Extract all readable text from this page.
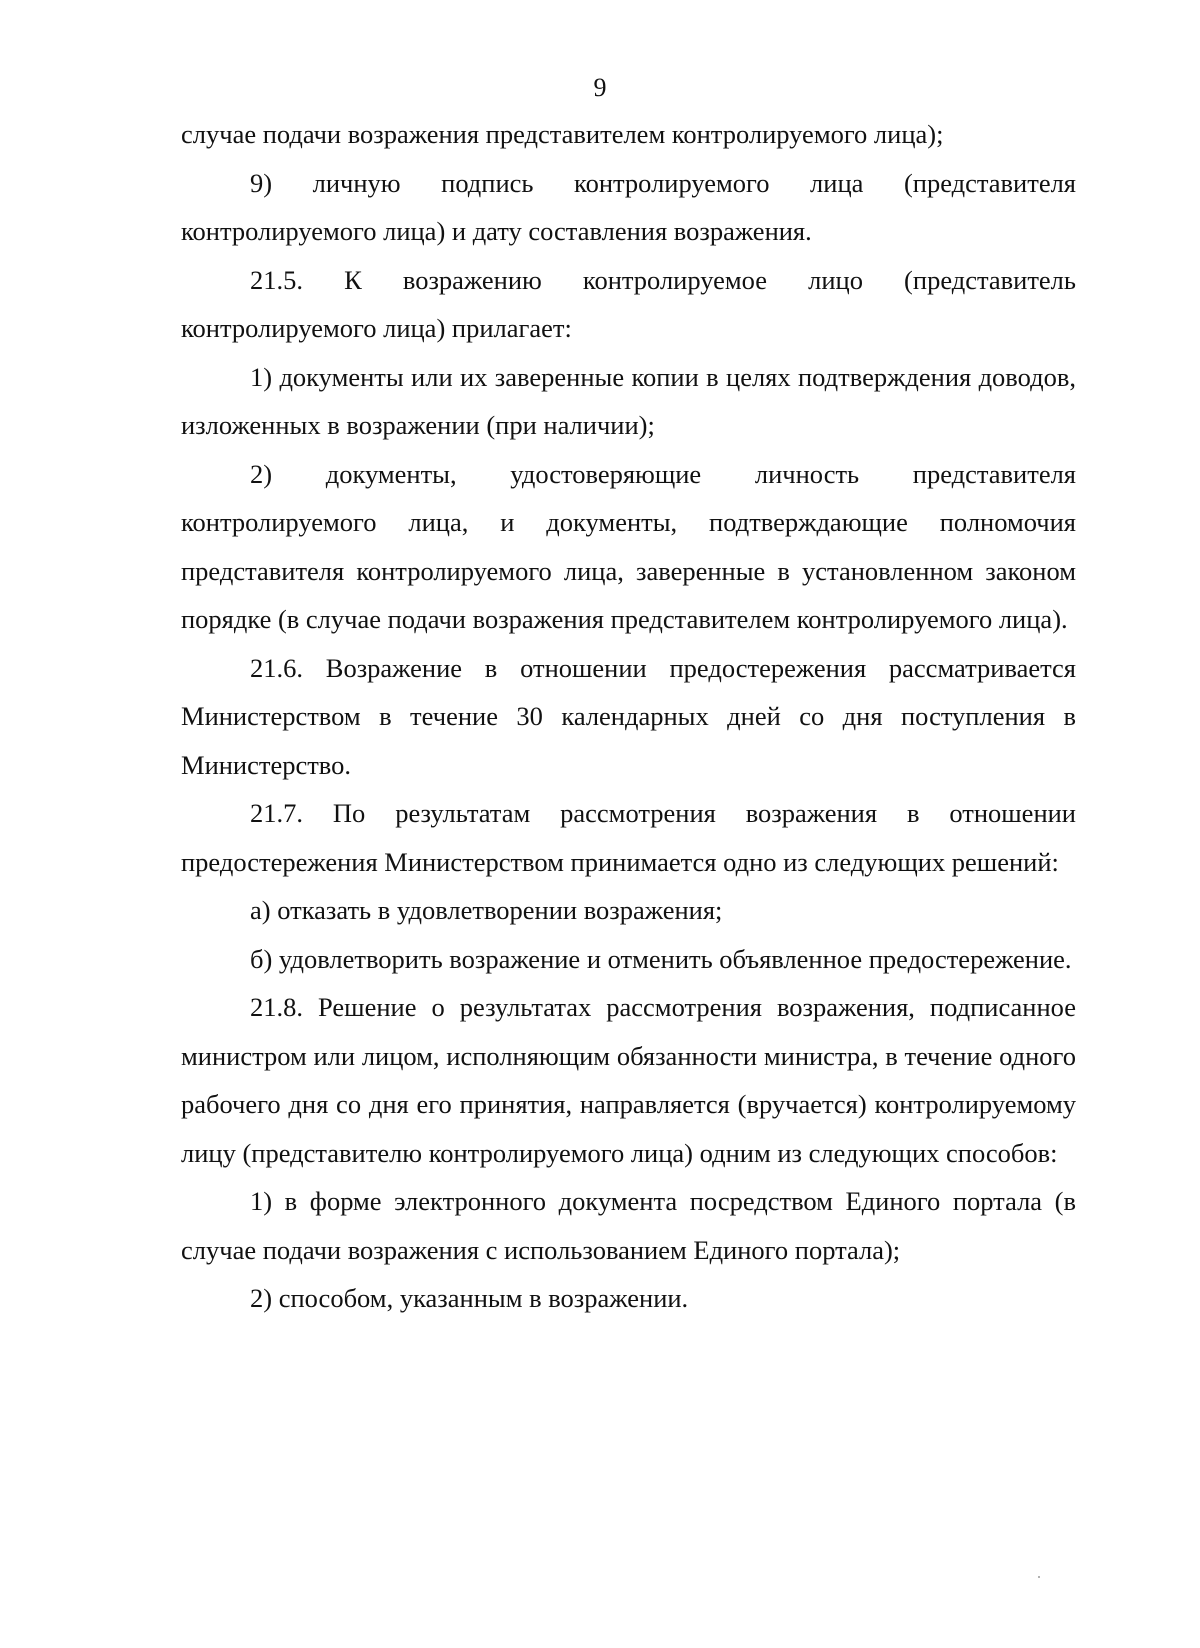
9

случае подачи возражения представителем контролируемого лица);

9) личную подпись контролируемого лица (представителя контролируемого лица) и дату составления возражения.

21.5. К возражению контролируемое лицо (представитель контролируемого лица) прилагает:

1) документы или их заверенные копии в целях подтверждения доводов, изложенных в возражении (при наличии);

2) документы, удостоверяющие личность представителя контролируемого лица, и документы, подтверждающие полномочия представителя контролируемого лица, заверенные в установленном законом порядке (в случае подачи возражения представителем контролируемого лица).

21.6. Возражение в отношении предостережения рассматривается Министерством в течение 30 календарных дней со дня поступления в Министерство.

21.7. По результатам рассмотрения возражения в отношении предостережения Министерством принимается одно из следующих решений:

а) отказать в удовлетворении возражения;

б) удовлетворить возражение и отменить объявленное предостережение.

21.8. Решение о результатах рассмотрения возражения, подписанное министром или лицом, исполняющим обязанности министра, в течение одного рабочего дня со дня его принятия, направляется (вручается) контролируемому лицу (представителю контролируемого лица) одним из следующих способов:

1) в форме электронного документа посредством Единого портала (в случае подачи возражения с использованием Единого портала);

2) способом, указанным в возражении.
